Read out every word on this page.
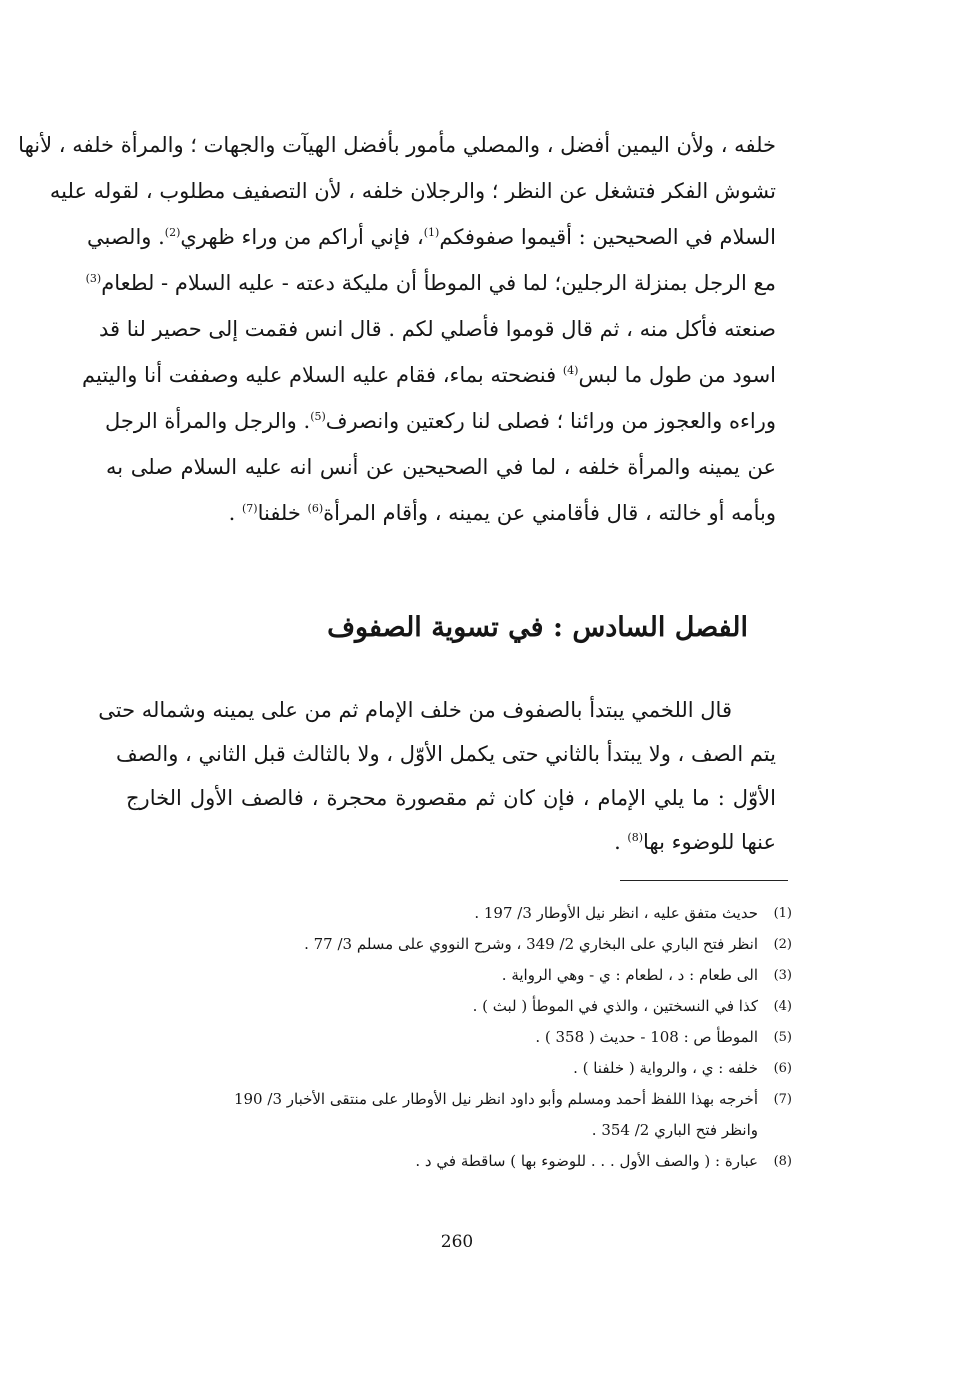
خلفه ، ولأن اليمين أفضل ، والمصلي مأمور بأفضل الهيآت والجهات ؛ والمرأة خلفه ، لأنها
تشوش الفكر فتشغل عن النظر ؛ والرجلان خلفه ، لأن التصفيف مطلوب ، لقوله عليه
السلام في الصحيحين : أقيموا صفوفكم$^{(1)}$، فإني أراكم من وراء ظهري$^{(2)}$. والصبي
مع الرجل بمنزلة الرجلين؛ لما في الموطأ أن مليكة دعته - عليه السلام - لطعام$^{(3)}$
صنعته فأكل منه ، ثم قال قوموا فأصلي لكم . قال انس فقمت إلى حصير لنا قد
اسود من طول ما لبس$^{(4)}$ فنضحته بماء، فقام عليه السلام عليه وصففت أنا واليتيم
وراءه والعجوز من ورائنا ؛ فصلى لنا ركعتين وانصرف$^{(5)}$. والرجل والمرأة الرجل
عن يمينه والمرأة خلفه ، لما في الصحيحين عن أنس انه عليه السلام صلى به
وبأمه أو خالته ، قال فأقامني عن يمينه ، وأقام المرأة$^{(6)}$ خلفنا$^{(7)}$ .
الفصل السادس : في تسوية الصفوف
قال اللخمي يبتدأ بالصفوف من خلف الإمام ثم من على يمينه وشماله حتى
يتم الصف ، ولا يبتدأ بالثاني حتى يكمل الأوّل ، ولا بالثالث قبل الثاني ، والصف
الأوّل : ما يلي الإمام ، فإن كان ثم مقصورة محجرة ، فالصف الأول الخارج
عنها للوضوء بها$^{(8)}$ .
(1)
حديث متفق عليه ، انظر نيل الأوطار 3/ 197 .
(2)
انظر فتح الباري على البخاري 2/ 349 ، وشرح النووي على مسلم 3/ 77 .
(3)
الى طعام : د ، لطعام : ي - وهي الرواية .
(4)
كذا في النسختين ، والذي في الموطأ ( لبث ) .
(5)
الموطأ ص : 108 - حديث ( 358 ) .
(6)
خلفه : ي ، والرواية ( خلفنا ) .
(7)
أخرجه بهذا اللفظ أحمد ومسلم وأبو داود انظر نيل الأوطار على منتقى الأخبار 3/ 190
وانظر فتح الباري 2/ 354 .
(8)
عبارة : ( والصف الأول . . . للوضوء بها ) ساقطة في د .
260
